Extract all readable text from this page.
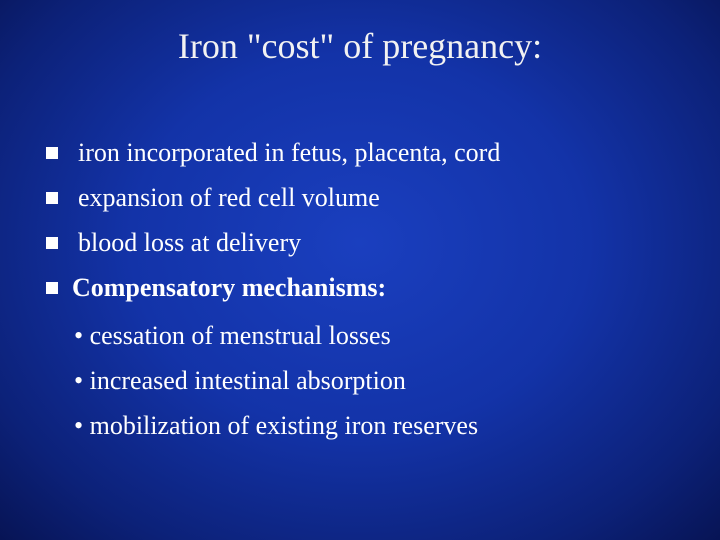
Iron "cost" of pregnancy:
iron incorporated in fetus, placenta, cord
expansion of red cell volume
blood loss at delivery
Compensatory mechanisms:
• cessation of menstrual losses
• increased intestinal absorption
• mobilization of existing iron reserves
